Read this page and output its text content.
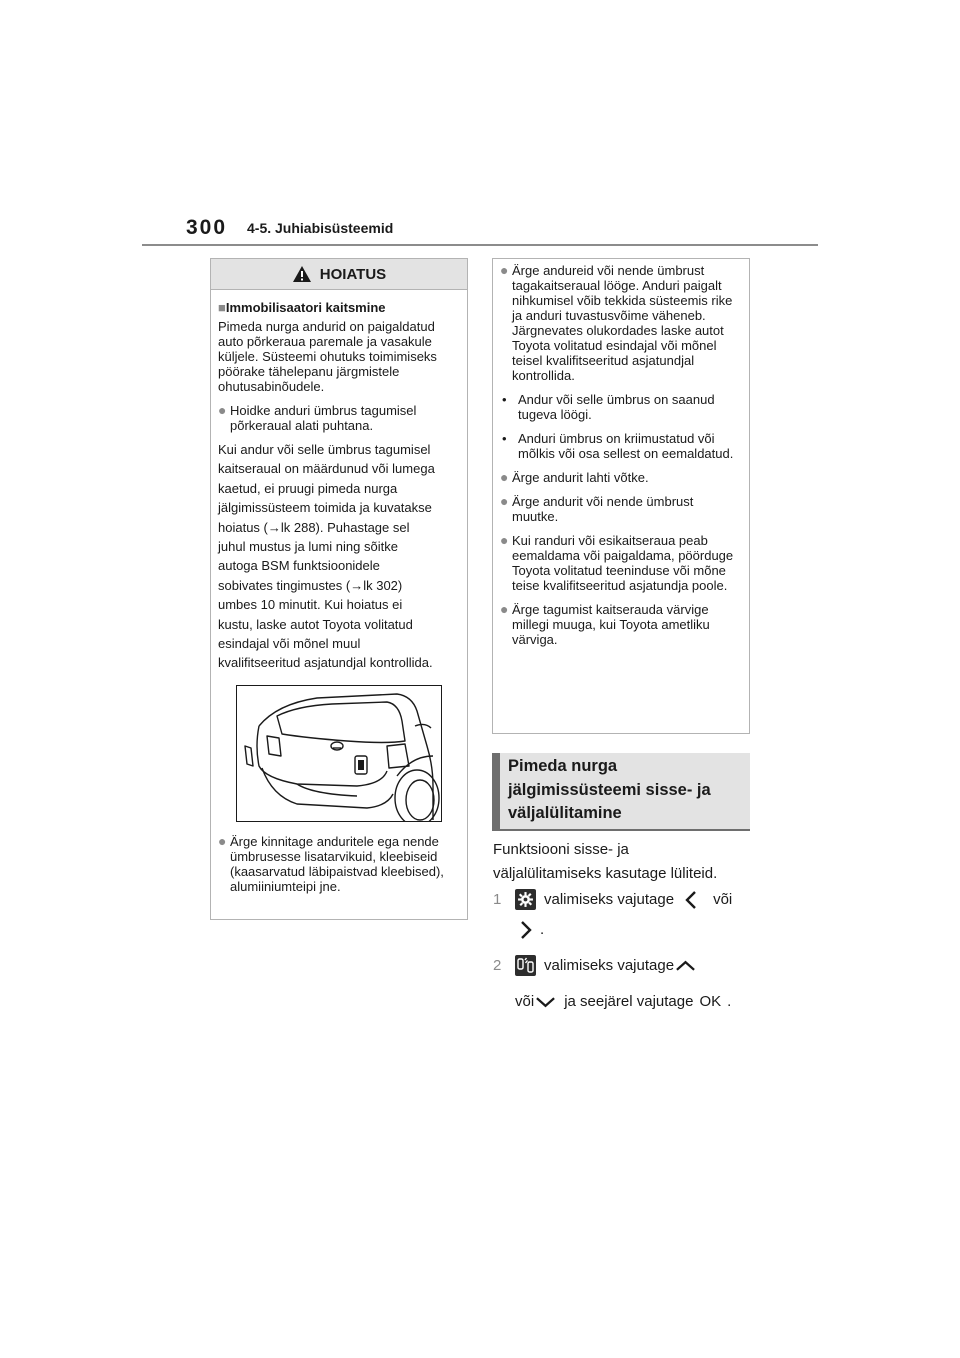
300 4-5. Juhiabisüsteemid
HOIATUS
■Immobilisaatori kaitsmine

Pimeda nurga andurid on paigaldatud auto põrkeraua paremale ja vasakule küljele. Süsteemi ohutuks toimimiseks pöörake tähelepanu järgmistele ohutusabinõudele.

● Hoidke anduri ümbrus tagumisel põrkeraual alati puhtana.

Kui andur või selle ümbrus tagumisel

kaitseraual on määrdunud või lumega

kaetud, ei pruugi pimeda nurga

jälgimissüsteem toimida ja kuvatakse

hoiatus (→lk 288). Puhastage sel

juhul mustus ja lumi ning sõitke

autoga BSM funktsioonidele

sobivates tingimustes (→lk 302)

umbes 10 minutit. Kui hoiatus ei

kustu, laske autot Toyota volitatud

esindajal või mõnel muul

kvalifitseeritud asjatundjal kontrollida.

● Ärge kinnitage anduritele ega nende ümbrusesse lisatarvikuid, kleebiseid (kaasarvatud läbipaistvad kleebised), alumiiniumteipi jne.
● Ärge andureid või nende ümbrust tagakaitseraual lööge. Anduri paigalt nihkumisel võib tekkida süsteemis rike ja anduri tuvastusvõime väheneb. Järgnevates olukordades laske autot Toyota volitatud esindajal või mõnel teisel kvalifitseeritud asjatundjal kontrollida.
• Andur või selle ümbrus on saanud tugeva löögi.
• Anduri ümbrus on kriimustatud või mõlkis või osa sellest on eemaldatud.
● Ärge andurit lahti võtke.
● Ärge andurit või nende ümbrust muutke.
● Kui randuri või esikaitseraua peab eemaldama või paigaldama, pöörduge Toyota volitatud teeninduse või mõne teise kvalifitseeritud asjatundja poole.
● Ärge tagumist kaitserauda värvige millegi muuga, kui Toyota ametliku värviga.
Pimeda nurga
jälgimissüsteemi sisse- ja
väljalülitamine
Funktsiooni sisse- ja
väljalülitamiseks kasutage lüliteid.
1	valimiseks vajutage	või
.
2	valimiseks vajutage
või ja seejärel vajutage OK .
